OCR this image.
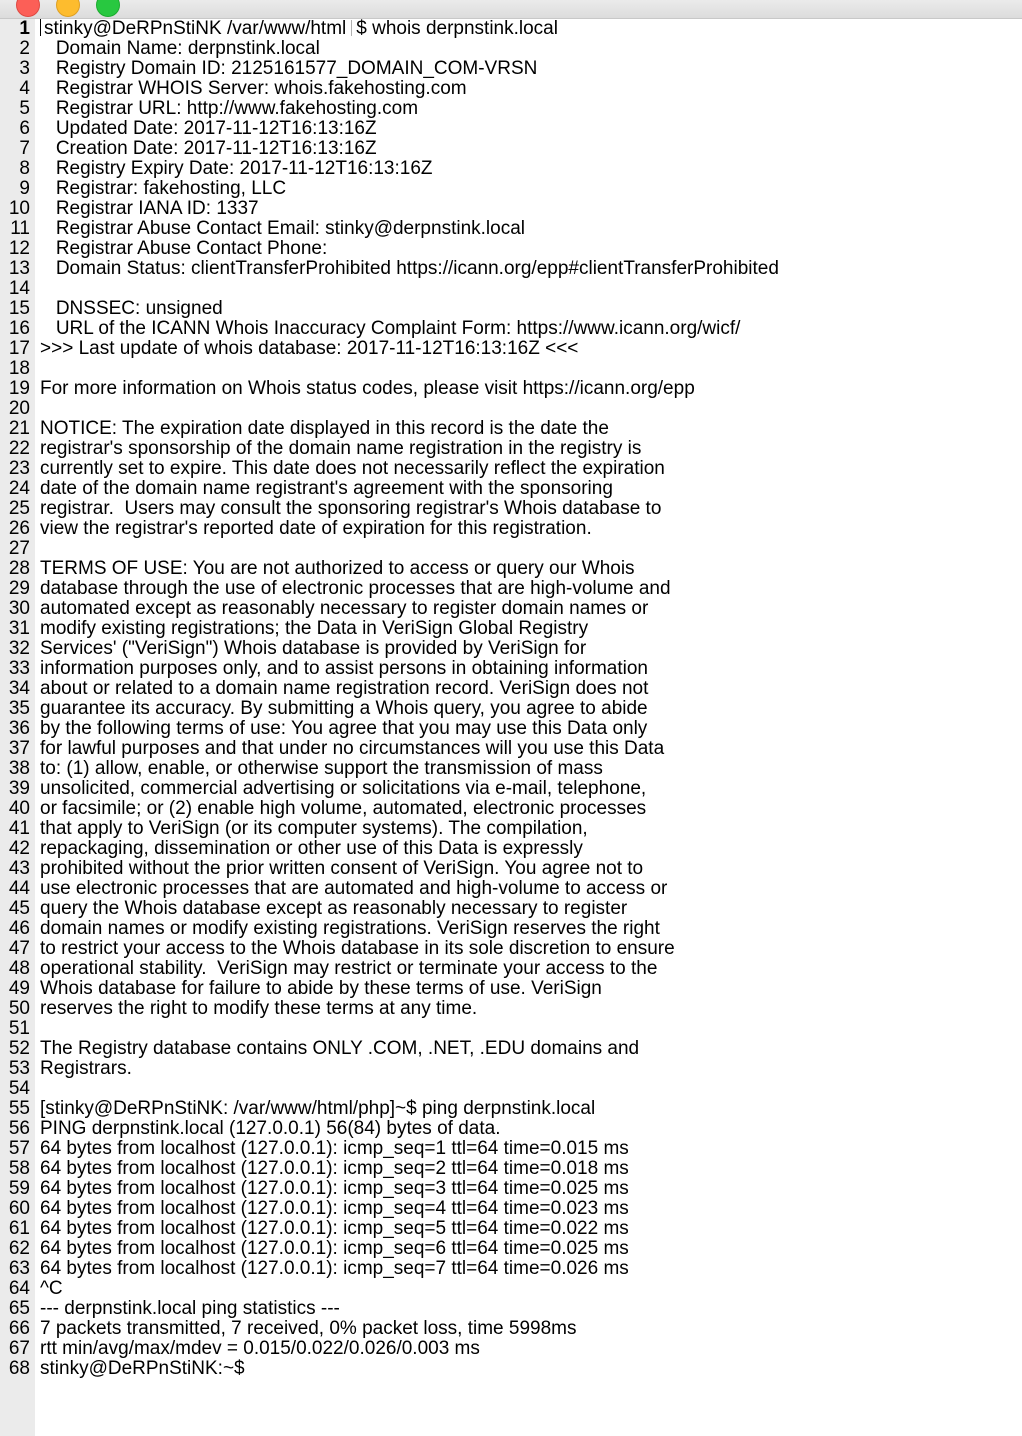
1 stinky@DeRPnStiNK /var/www/html $ whois derpnstink.local
2 Domain Name: derpnstink.local
3 Registry Domain ID: 2125161577_DOMAIN_COM-VRSN
4 Registrar WHOIS Server: whois.fakehosting.com
5 Registrar URL: http://www.fakehosting.com
6 Updated Date: 2017-11-12T16:13:16Z
7 Creation Date: 2017-11-12T16:13:16Z
8 Registry Expiry Date: 2017-11-12T16:13:16Z
9 Registrar: fakehosting, LLC
10 Registrar IANA ID: 1337
11 Registrar Abuse Contact Email: stinky@derpnstink.local
12 Registrar Abuse Contact Phone:
13 Domain Status: clientTransferProhibited https://icann.org/epp#clientTransferProhibited
14
15 DNSSEC: unsigned
16 URL of the ICANN Whois Inaccuracy Complaint Form: https://www.icann.org/wicf/
17 >>> Last update of whois database: 2017-11-12T16:13:16Z <<<
18
19 For more information on Whois status codes, please visit https://icann.org/epp
20
21 NOTICE: The expiration date displayed in this record is the date the
22 registrar's sponsorship of the domain name registration in the registry is
23 currently set to expire. This date does not necessarily reflect the expiration
24 date of the domain name registrant's agreement with the sponsoring
25 registrar.  Users may consult the sponsoring registrar's Whois database to
26 view the registrar's reported date of expiration for this registration.
27
28 TERMS OF USE: You are not authorized to access or query our Whois
29 database through the use of electronic processes that are high-volume and
30 automated except as reasonably necessary to register domain names or
31 modify existing registrations; the Data in VeriSign Global Registry
32 Services' ("VeriSign") Whois database is provided by VeriSign for
33 information purposes only, and to assist persons in obtaining information
34 about or related to a domain name registration record. VeriSign does not
35 guarantee its accuracy. By submitting a Whois query, you agree to abide
36 by the following terms of use: You agree that you may use this Data only
37 for lawful purposes and that under no circumstances will you use this Data
38 to: (1) allow, enable, or otherwise support the transmission of mass
39 unsolicited, commercial advertising or solicitations via e-mail, telephone,
40 or facsimile; or (2) enable high volume, automated, electronic processes
41 that apply to VeriSign (or its computer systems). The compilation,
42 repackaging, dissemination or other use of this Data is expressly
43 prohibited without the prior written consent of VeriSign. You agree not to
44 use electronic processes that are automated and high-volume to access or
45 query the Whois database except as reasonably necessary to register
46 domain names or modify existing registrations. VeriSign reserves the right
47 to restrict your access to the Whois database in its sole discretion to ensure
48 operational stability.  VeriSign may restrict or terminate your access to the
49 Whois database for failure to abide by these terms of use. VeriSign
50 reserves the right to modify these terms at any time.
51
52 The Registry database contains ONLY .COM, .NET, .EDU domains and
53 Registrars.
54
55 [stinky@DeRPnStiNK: /var/www/html/php]~$ ping derpnstink.local
56 PING derpnstink.local (127.0.0.1) 56(84) bytes of data.
57 64 bytes from localhost (127.0.0.1): icmp_seq=1 ttl=64 time=0.015 ms
58 64 bytes from localhost (127.0.0.1): icmp_seq=2 ttl=64 time=0.018 ms
59 64 bytes from localhost (127.0.0.1): icmp_seq=3 ttl=64 time=0.025 ms
60 64 bytes from localhost (127.0.0.1): icmp_seq=4 ttl=64 time=0.023 ms
61 64 bytes from localhost (127.0.0.1): icmp_seq=5 ttl=64 time=0.022 ms
62 64 bytes from localhost (127.0.0.1): icmp_seq=6 ttl=64 time=0.025 ms
63 64 bytes from localhost (127.0.0.1): icmp_seq=7 ttl=64 time=0.026 ms
64 ^C
65 --- derpnstink.local ping statistics ---
66 7 packets transmitted, 7 received, 0% packet loss, time 5998ms
67 rtt min/avg/max/mdev = 0.015/0.022/0.026/0.003 ms
68 stinky@DeRPnStiNK:~$
